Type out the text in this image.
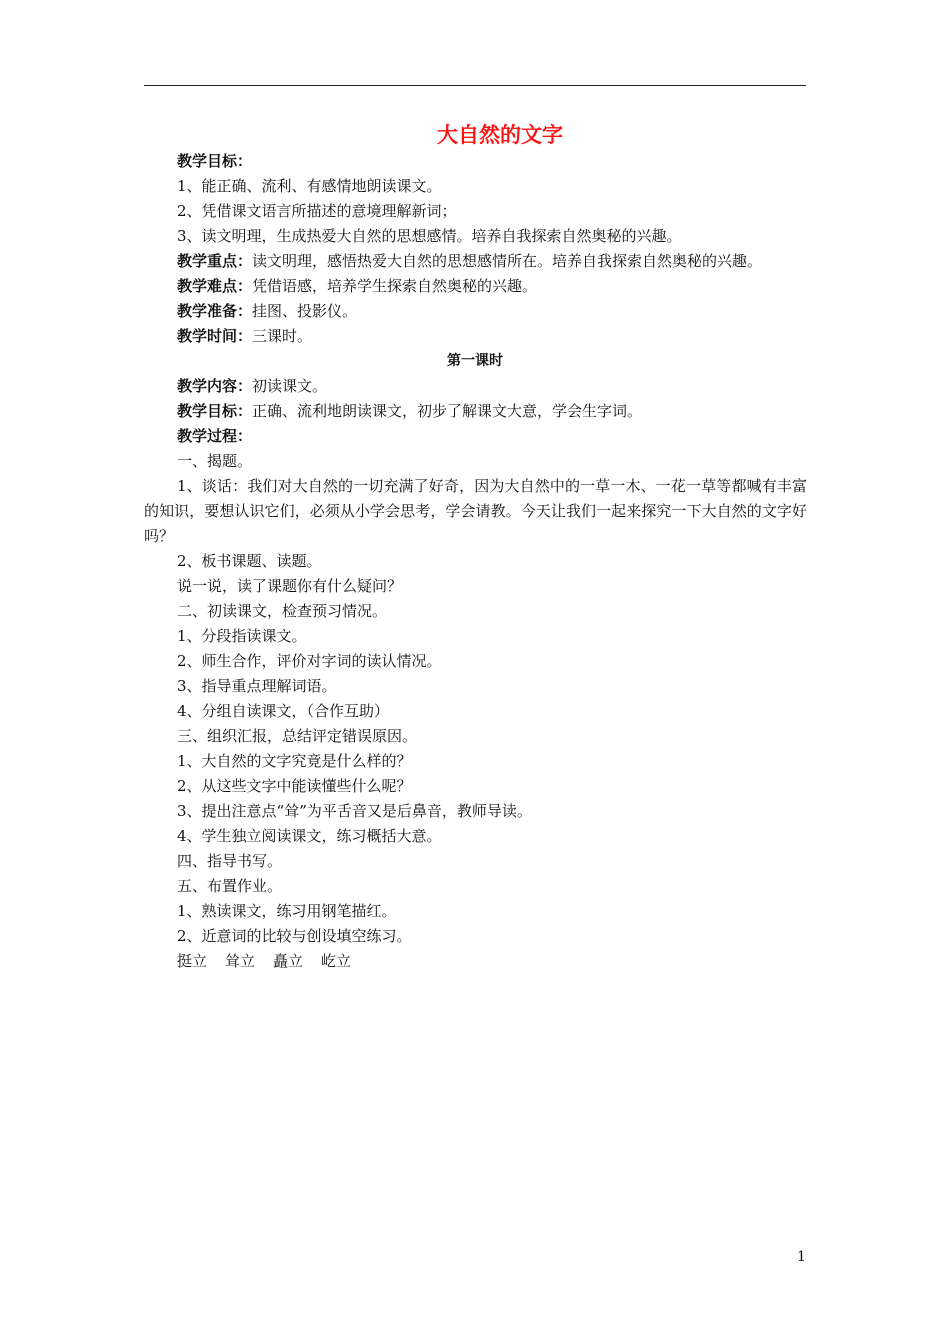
大自然的文字
教学目标：
1、能正确、流利、有感情地朗读课文。
2、凭借课文语言所描述的意境理解新词；
3、读文明理，生成热爱大自然的思想感情。培养自我探索自然奥秘的兴趣。
教学重点：读文明理，感悟热爱大自然的思想感情所在。培养自我探索自然奥秘的兴趣。
教学难点：凭借语感，培养学生探索自然奥秘的兴趣。
教学准备：挂图、投影仪。
教学时间：三课时。
第一课时
教学内容：初读课文。
教学目标：正确、流利地朗读课文，初步了解课文大意，学会生字词。
教学过程：
一、揭题。
1、谈话：我们对大自然的一切充满了好奇，因为大自然中的一草一木、一花一草等都喊有丰富的知识，要想认识它们，必须从小学会思考，学会请教。今天让我们一起来探究一下大自然的文字好吗？
2、板书课题、读题。
说一说，读了课题你有什么疑问？
二、初读课文，检查预习情况。
1、分段指读课文。
2、师生合作，评价对字词的读认情况。
3、指导重点理解词语。
4、分组自读课文，（合作互助）
三、组织汇报，总结评定错误原因。
1、大自然的文字究竟是什么样的？
2、从这些文字中能读懂些什么呢？
3、提出注意点“耸”为平舌音又是后鼻音，教师导读。
4、学生独立阅读课文，练习概括大意。
四、指导书写。
五、布置作业。
1、熟读课文，练习用钢笔描红。
2、近意词的比较与创设填空练习。
挺立 耸立 矗立 屹立
1
